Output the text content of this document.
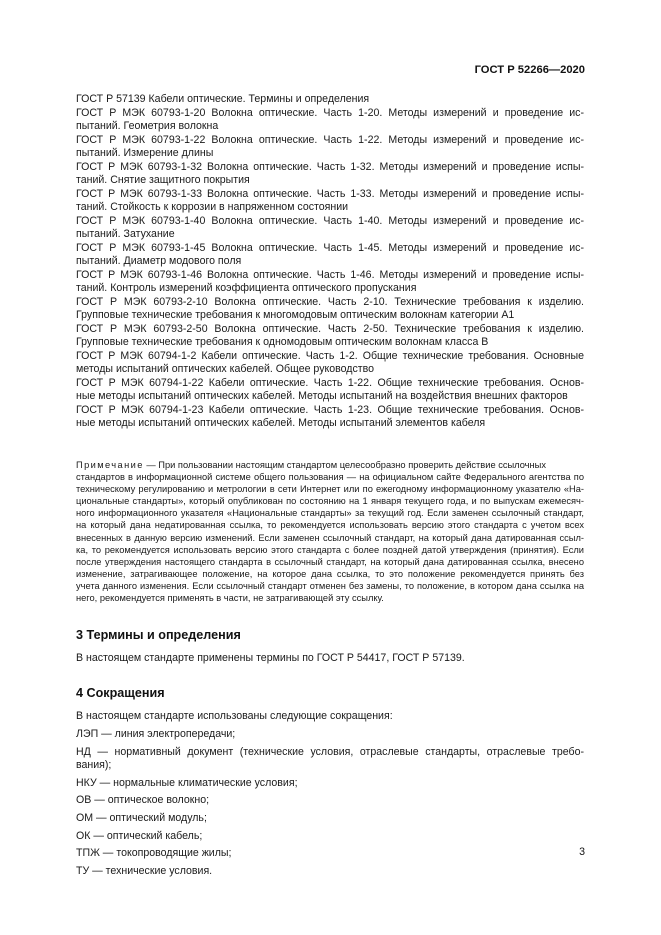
ГОСТ Р 52266—2020
ГОСТ Р 57139 Кабели оптические. Термины и определения
ГОСТ Р МЭК 60793-1-20 Волокна оптические. Часть 1-20. Методы измерений и проведение ис-
пытаний. Геометрия волокна
ГОСТ Р МЭК 60793-1-22 Волокна оптические. Часть 1-22. Методы измерений и проведение ис-
пытаний. Измерение длины
ГОСТ Р МЭК 60793-1-32 Волокна оптические. Часть 1-32. Методы измерений и проведение испы-
таний. Снятие защитного покрытия
ГОСТ Р МЭК 60793-1-33 Волокна оптические. Часть 1-33. Методы измерений и проведение испы-
таний. Стойкость к коррозии в напряженном состоянии
ГОСТ Р МЭК 60793-1-40 Волокна оптические. Часть 1-40. Методы измерений и проведение ис-
пытаний. Затухание
ГОСТ Р МЭК 60793-1-45 Волокна оптические. Часть 1-45. Методы измерений и проведение ис-
пытаний. Диаметр модового поля
ГОСТ Р МЭК 60793-1-46 Волокна оптические. Часть 1-46. Методы измерений и проведение испы-
таний. Контроль измерений коэффициента оптического пропускания
ГОСТ Р МЭК 60793-2-10 Волокна оптические. Часть 2-10. Технические требования к изделию.
Групповые технические требования к многомодовым оптическим волокнам категории A1
ГОСТ Р МЭК 60793-2-50 Волокна оптические. Часть 2-50. Технические требования к изделию.
Групповые технические требования к одномодовым оптическим волокнам класса B
ГОСТ Р МЭК 60794-1-2 Кабели оптические. Часть 1-2. Общие технические требования. Основные
методы испытаний оптических кабелей. Общее руководство
ГОСТ Р МЭК 60794-1-22 Кабели оптические. Часть 1-22. Общие технические требования. Основ-
ные методы испытаний оптических кабелей. Методы испытаний на воздействия внешних факторов
ГОСТ Р МЭК 60794-1-23 Кабели оптические. Часть 1-23. Общие технические требования. Основ-
ные методы испытаний оптических кабелей. Методы испытаний элементов кабеля
Примечание — При пользовании настоящим стандартом целесообразно проверить действие ссылочных
стандартов в информационной системе общего пользования — на официальном сайте Федерального агентства по
техническому регулированию и метрологии в сети Интернет или по ежегодному информационному указателю «На-
циональные стандарты», который опубликован по состоянию на 1 января текущего года, и по выпускам ежемесяч-
ного информационного указателя «Национальные стандарты» за текущий год. Если заменен ссылочный стандарт,
на который дана недатированная ссылка, то рекомендуется использовать версию этого стандарта с учетом всех
внесенных в данную версию изменений. Если заменен ссылочный стандарт, на который дана датированная ссыл-
ка, то рекомендуется использовать версию этого стандарта с более поздней датой утверждения (принятия). Если
после утверждения настоящего стандарта в ссылочный стандарт, на который дана датированная ссылка, внесено
изменение, затрагивающее положение, на которое дана ссылка, то это положение рекомендуется принять без
учета данного изменения. Если ссылочный стандарт отменен без замены, то положение, в котором дана ссылка на
него, рекомендуется применять в части, не затрагивающей эту ссылку.
3 Термины и определения

В настоящем стандарте применены термины по ГОСТ Р 54417, ГОСТ Р 57139.

4 Сокращения

В настоящем стандарте использованы следующие сокращения:

ЛЭП — линия электропередачи;
НД — нормативный документ (технические условия, отраслевые стандарты, отраслевые требо-
вания);
НКУ — нормальные климатические условия;
ОВ — оптическое волокно;
ОМ — оптический модуль;
ОК — оптический кабель;
ТПЖ — токопроводящие жилы;
ТУ — технические условия.
3
